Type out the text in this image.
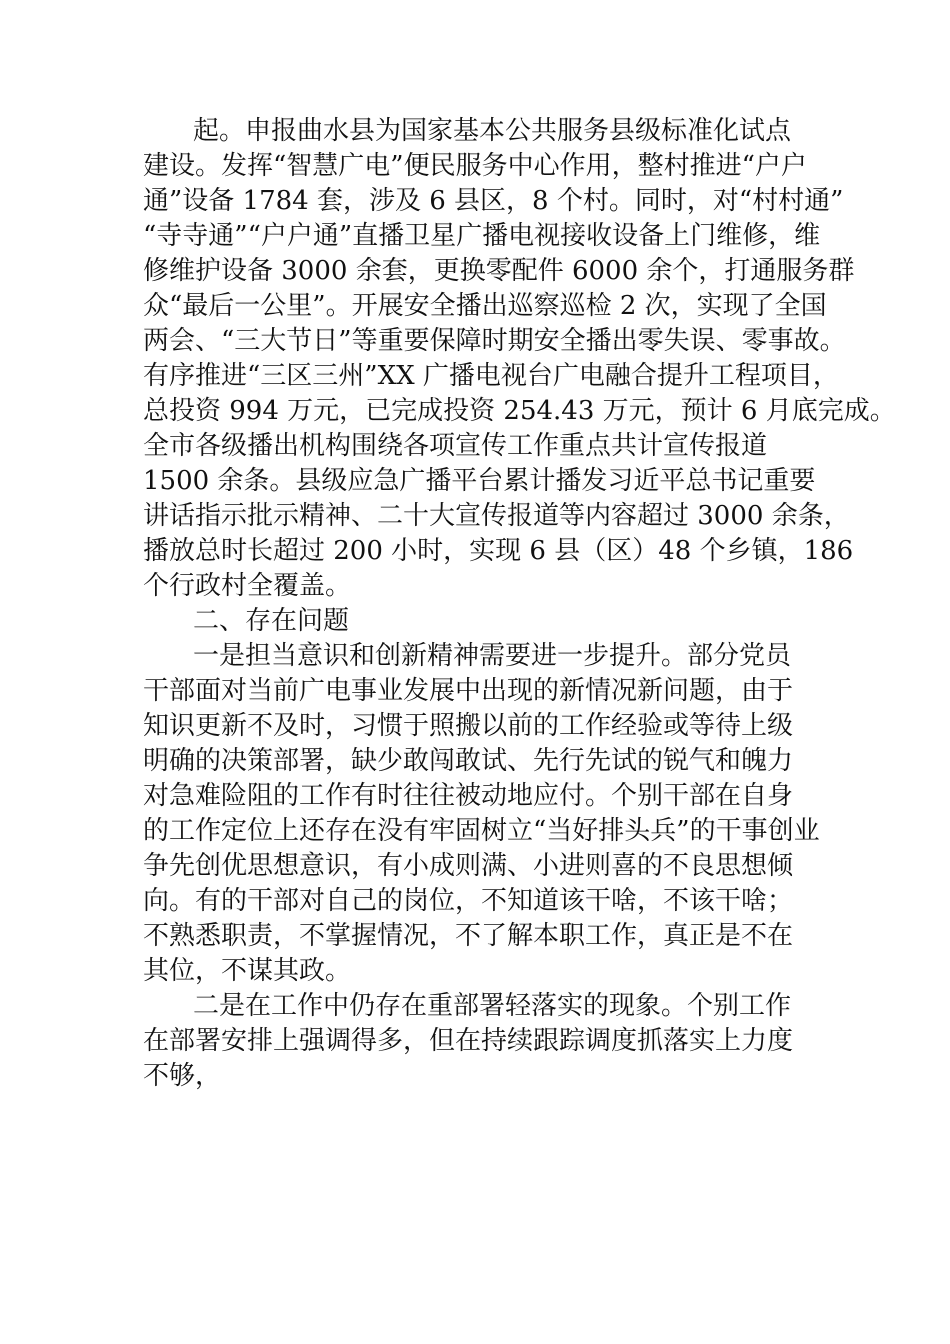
起。申报曲水县为国家基本公共服务县级标准化试点
建设。发挥“智慧广电”便民服务中心作用，整村推进“户户
通”设备 1784 套，涉及 6 县区，8 个村。同时，对“村村通”
“寺寺通”“户户通”直播卫星广播电视接收设备上门维修，维
修维护设备 3000 余套，更换零配件 6000 余个，打通服务群
众“最后一公里”。开展安全播出巡察巡检 2 次，实现了全国
两会、“三大节日”等重要保障时期安全播出零失误、零事故。
有序推进“三区三州”XX 广播电视台广电融合提升工程项目，
总投资 994 万元，已完成投资 254.43 万元，预计 6 月底完成。
全市各级播出机构围绕各项宣传工作重点共计宣传报道
1500 余条。县级应急广播平台累计播发习近平总书记重要
讲话指示批示精神、二十大宣传报道等内容超过 3000 余条，
播放总时长超过 200 小时，实现 6 县（区）48 个乡镇，186
个行政村全覆盖。
二、存在问题
一是担当意识和创新精神需要进一步提升。部分党员
干部面对当前广电事业发展中出现的新情况新问题，由于
知识更新不及时，习惯于照搬以前的工作经验或等待上级
明确的决策部署，缺少敢闯敢试、先行先试的锐气和魄力
对急难险阻的工作有时往往被动地应付。个别干部在自身
的工作定位上还存在没有牢固树立“当好排头兵”的干事创业
争先创优思想意识，有小成则满、小进则喜的不良思想倾
向。有的干部对自己的岗位，不知道该干啥，不该干啥；
不熟悉职责，不掌握情况，不了解本职工作，真正是不在
其位，不谋其政。
二是在工作中仍存在重部署轻落实的现象。个别工作
在部署安排上强调得多，但在持续跟踪调度抓落实上力度
不够，
